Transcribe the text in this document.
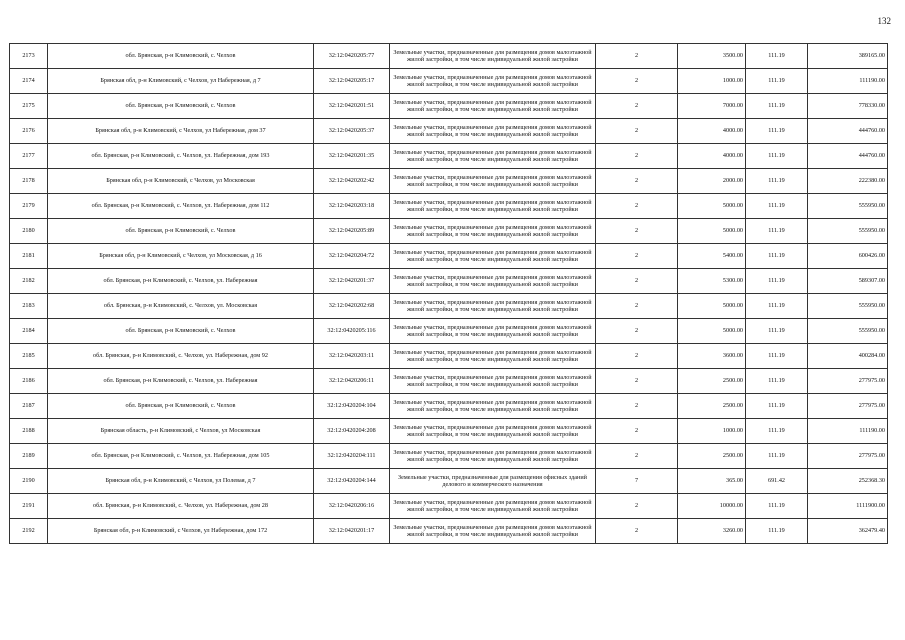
132
2173	обл. Брянская, р-н Климовский, с. Челхов	32:12:0420205:77	Земельные участки, предназначенные для размещения домов малоэтажной жилой застройки, в том числе индивидуальной жилой застройки	2	3500.00	111.19	389165.00
2174	Брянская обл, р-н Климовский, с Челхов, ул Набережная, д 7	32:12:0420205:17	Земельные участки, предназначенные для размещения домов малоэтажной жилой застройки, в том числе индивидуальной жилой застройки	2	1000.00	111.19	111190.00
2175	обл. Брянская, р-н Климовский, с. Челхов	32:12:0420201:51	Земельные участки, предназначенные для размещения домов малоэтажной жилой застройки, в том числе индивидуальной жилой застройки	2	7000.00	111.19	778330.00
2176	Брянская обл, р-н Климовский, с Челхов, ул Набережная, дом 37	32:12:0420205:37	Земельные участки, предназначенные для размещения домов малоэтажной жилой застройки, в том числе индивидуальной жилой застройки	2	4000.00	111.19	444760.00
2177	обл. Брянская, р-н Климовский, с. Челхов, ул. Набережная, дом 193	32:12:0420201:35	Земельные участки, предназначенные для размещения домов малоэтажной жилой застройки, в том числе индивидуальной жилой застройки	2	4000.00	111.19	444760.00
2178	Брянская обл, р-н Климовский, с Челхов, ул Московская	32:12:0420202:42	Земельные участки, предназначенные для размещения домов малоэтажной жилой застройки, в том числе индивидуальной жилой застройки	2	2000.00	111.19	222380.00
2179	обл. Брянская, р-н Климовский, с. Челхов, ул. Набережная, дом 112	32:12:0420203:18	Земельные участки, предназначенные для размещения домов малоэтажной жилой застройки, в том числе индивидуальной жилой застройки	2	5000.00	111.19	555950.00
2180	обл. Брянская, р-н Климовский, с. Челхов	32:12:0420205:89	Земельные участки, предназначенные для размещения домов малоэтажной жилой застройки, в том числе индивидуальной жилой застройки	2	5000.00	111.19	555950.00
2181	Брянская обл, р-н Климовский, с Челхов, ул Московская, д 16	32:12:0420204:72	Земельные участки, предназначенные для размещения домов малоэтажной жилой застройки, в том числе индивидуальной жилой застройки	2	5400.00	111.19	600426.00
2182	обл. Брянская, р-н Климовский, с. Челхов, ул. Набережная	32:12:0420201:37	Земельные участки, предназначенные для размещения домов малоэтажной жилой застройки, в том числе индивидуальной жилой застройки	2	5300.00	111.19	589307.00
2183	обл. Брянская, р-н Климовский, с. Челхов, ул. Московская	32:12:0420202:68	Земельные участки, предназначенные для размещения домов малоэтажной жилой застройки, в том числе индивидуальной жилой застройки	2	5000.00	111.19	555950.00
2184	обл. Брянская, р-н Климовский, с. Челхов	32:12:0420205:116	Земельные участки, предназначенные для размещения домов малоэтажной жилой застройки, в том числе индивидуальной жилой застройки	2	5000.00	111.19	555950.00
2185	обл. Брянская, р-н Климовский, с. Челхов, ул. Набережная, дом 92	32:12:0420203:11	Земельные участки, предназначенные для размещения домов малоэтажной жилой застройки, в том числе индивидуальной жилой застройки	2	3600.00	111.19	400284.00
2186	обл. Брянская, р-н Климовский, с. Челхов, ул. Набережная	32:12:0420206:11	Земельные участки, предназначенные для размещения домов малоэтажной жилой застройки, в том числе индивидуальной жилой застройки	2	2500.00	111.19	277975.00
2187	обл. Брянская, р-н Климовский, с. Челхов	32:12:0420204:104	Земельные участки, предназначенные для размещения домов малоэтажной жилой застройки, в том числе индивидуальной жилой застройки	2	2500.00	111.19	277975.00
2188	Брянская область, р-н Климовский, с Челхов, ул Московская	32:12:0420204:208	Земельные участки, предназначенные для размещения домов малоэтажной жилой застройки, в том числе индивидуальной жилой застройки	2	1000.00	111.19	111190.00
2189	обл. Брянская, р-н Климовский, с. Челхов, ул. Набережная, дом 105	32:12:0420204:111	Земельные участки, предназначенные для размещения домов малоэтажной жилой застройки, в том числе индивидуальной жилой застройки	2	2500.00	111.19	277975.00
2190	Брянская обл, р-н Климовский, с Челхов, ул Полевая, д 7	32:12:0420204:144	Земельные участки, предназначенные для размещения офисных зданий делового и коммерческого назначения	7	365.00	691.42	252368.30
2191	обл. Брянская, р-н Климовский, с. Челхов, ул. Набережная, дом 28	32:12:0420206:16	Земельные участки, предназначенные для размещения домов малоэтажной жилой застройки, в том числе индивидуальной жилой застройки	2	10000.00	111.19	1111900.00
2192	Брянская обл, р-н Климовский, с Челхов, ул Набережная, дом 172	32:12:0420201:17	Земельные участки, предназначенные для размещения домов малоэтажной жилой застройки, в том числе индивидуальной жилой застройки	2	3260.00	111.19	362479.40
